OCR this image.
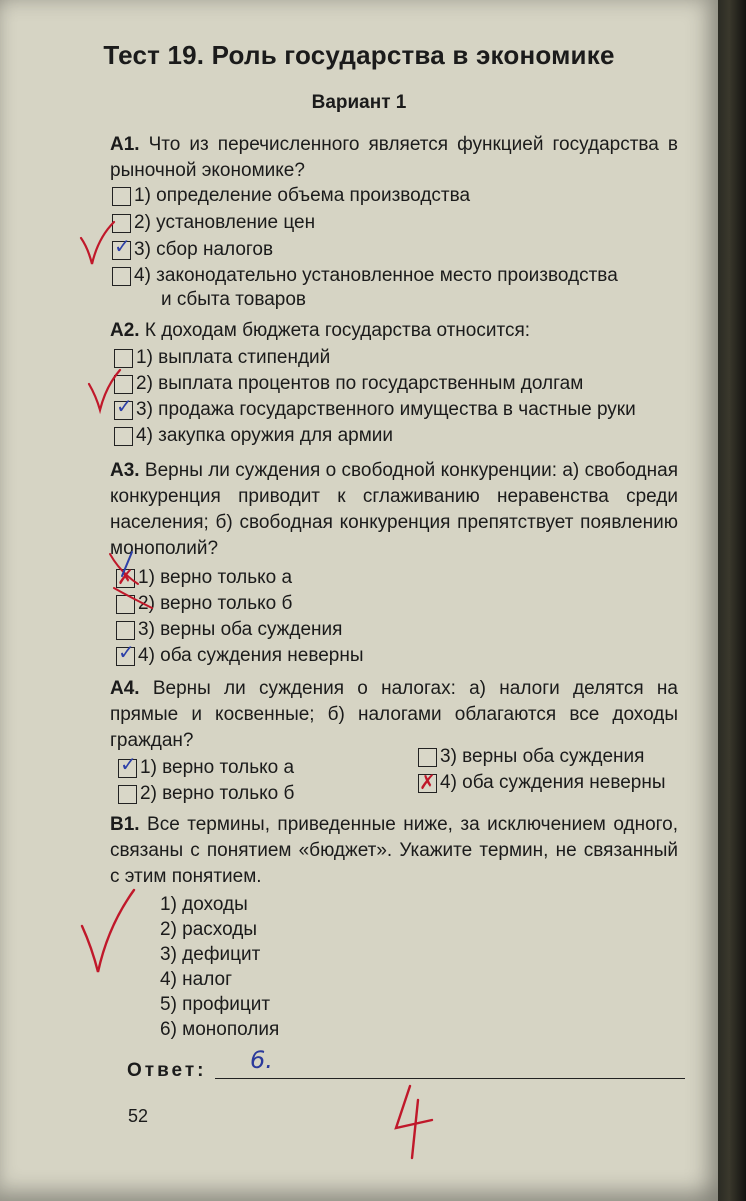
Тест 19. Роль государства в экономике
Вариант 1
А1. Что из перечисленного является функцией государства в рыночной экономике?
1) определение объема производства
2) установление цен
✓ 3) сбор налогов
4) законодательно установленное место производства
и сбыта товаров
А2. К доходам бюджета государства относится:
1) выплата стипендий
2) выплата процентов по государственным долгам
✓ 3) продажа государственного имущества в частные руки
4) закупка оружия для армии
А3. Верны ли суждения о свободной конкуренции: а) свободная конкуренция приводит к сглаживанию неравенства среди населения; б) свободная конкуренция препятствует появлению монополий?
✗ 1) верно только а
2) верно только б
3) верны оба суждения
✓ 4) оба суждения неверны
А4. Верны ли суждения о налогах: а) налоги делятся на прямые и косвенные; б) налогами облагаются все доходы граждан?
✓ 1) верно только а
2) верно только б
3) верны оба суждения
✗ 4) оба суждения неверны
В1. Все термины, приведенные ниже, за исключением одного, связаны с понятием «бюджет». Укажите термин, не связанный с этим понятием.
1) доходы
2) расходы
3) дефицит
4) налог
5) профицит
6) монополия
Ответ:	6.
52
